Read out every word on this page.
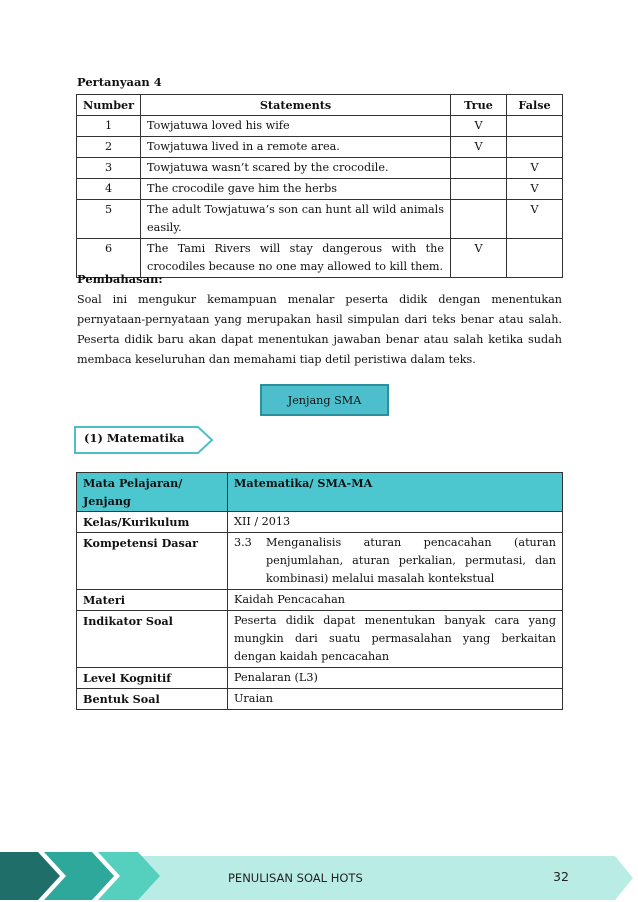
Pertanyaan 4
Number	Statements	True	False
1	Towjatuwa loved his wife	V	
2	Towjatuwa lived in a remote area.	V	
3	Towjatuwa wasn’t scared by the crocodile.		V
4	The crocodile gave him the herbs		V
5	The adult Towjatuwa’s son can hunt all wild animals easily.		V
6	The Tami Rivers will stay dangerous with the crocodiles because no one may allowed to kill them.	V	
Pembahasan:
Soal ini mengukur kemampuan menalar peserta didik dengan menentukan pernyataan-pernyataan yang merupakan hasil simpulan dari teks benar atau salah. Peserta didik baru akan dapat menentukan jawaban benar atau salah ketika sudah membaca keseluruhan dan memahami tiap detil peristiwa dalam teks.
Jenjang SMA
(1) Matematika
Mata Pelajaran/ Jenjang	Matematika/ SMA-MA
Kelas/Kurikulum	XII / 2013
Kompetensi Dasar	3.3 Menganalisis aturan pencacahan (aturan penjumlahan, aturan perkalian, permutasi, dan kombinasi) melalui masalah kontekstual

Materi	Kaidah Pencacahan
Indikator Soal	Peserta didik dapat menentukan banyak cara yang mungkin dari suatu permasalahan yang berkaitan dengan kaidah pencacahan
Level Kognitif	Penalaran (L3)
Bentuk Soal	Uraian
PENULISAN SOAL HOTS	32
